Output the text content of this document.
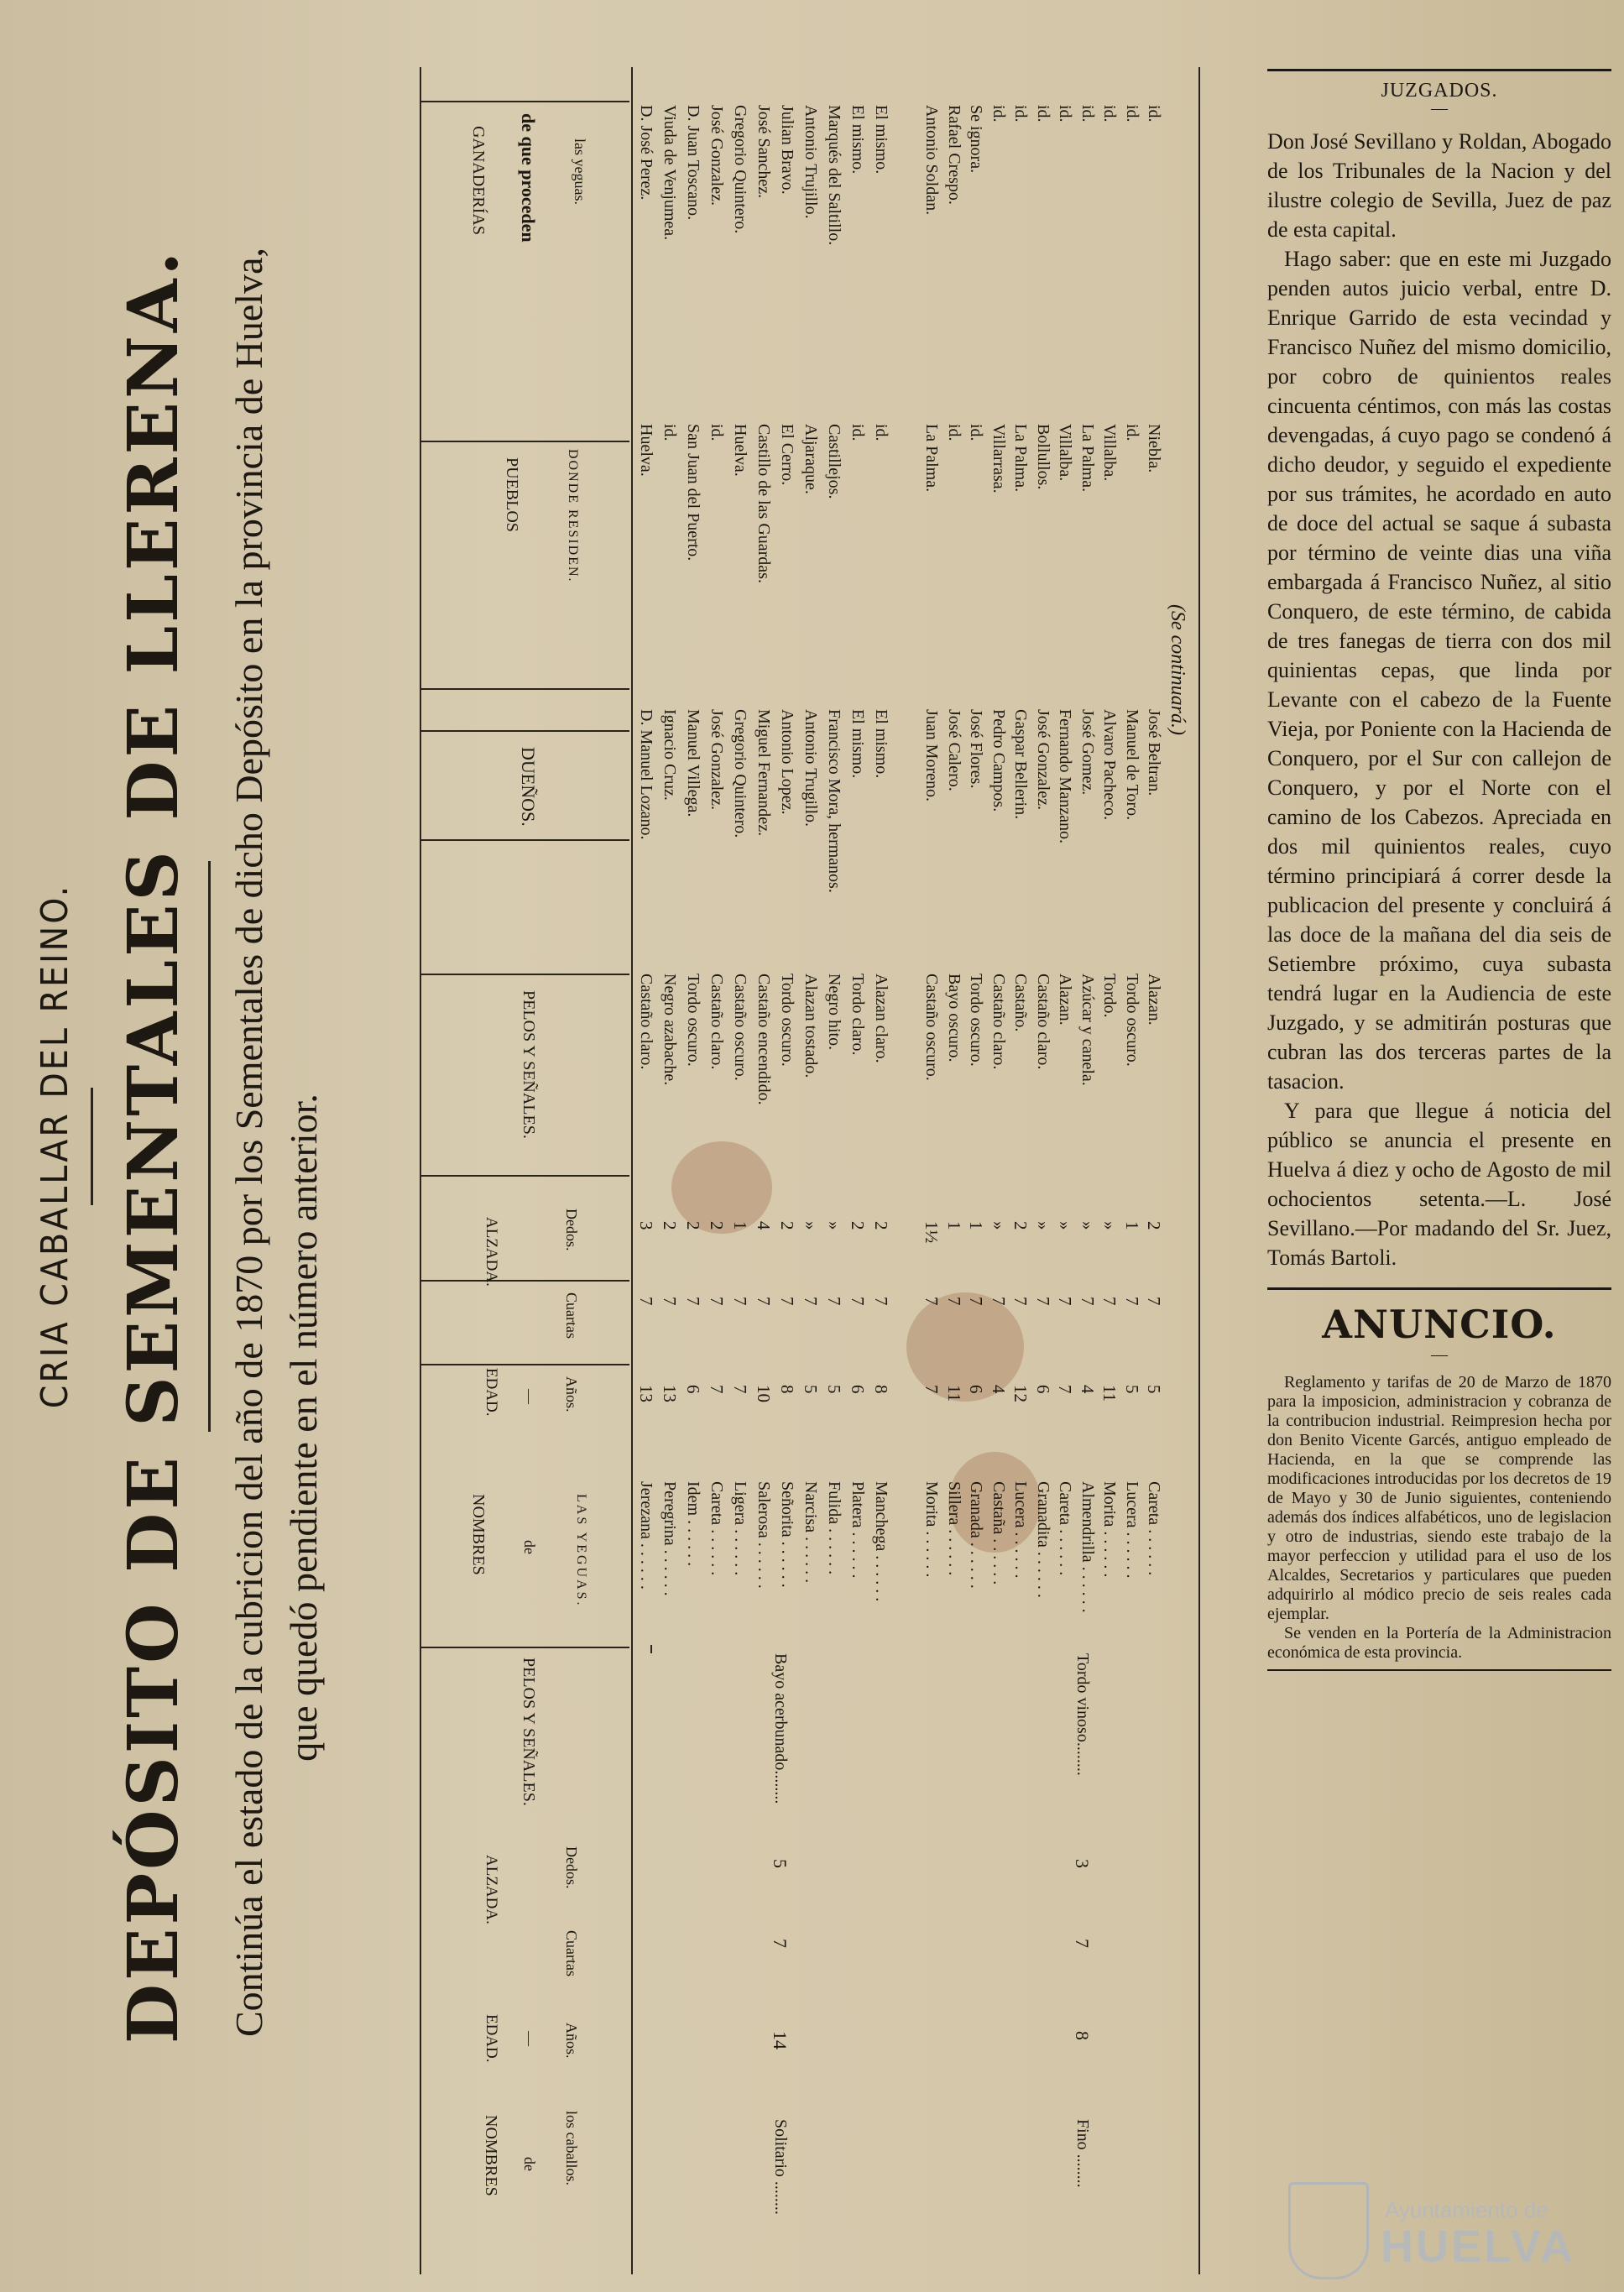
CRIA CABALLAR DEL REINO. DEPÓSITO DE SEMENTALES DE LLERENA. Continúa el estado de la cubricion del año de 1870 por los Sementales de dicho Depósito en la provincia de Huelva, que quedó pendiente en el número anterior.
NOMBRES de los caballos.
EDAD. — Años.
ALZADA.
Cuartas
Dedos.
PELOS Y SEÑALES.
NOMBRES de	LAS YEGUAS.
EDAD. — Años.
ALZADA.
Cuartas
Dedos.
PELOS Y SEÑALES.
DUEÑOS.
PUEBLOS	DONDE RESIDEN.
GANADERÍAS de que proceden las yeguas.
Solitario ........
14
7
5
Bayo acerbunado........
Fino ........
8
7
3
Tordo vinoso........
Jerezana . . . . . .
13
7
3
Castaño claro.
D. Manuel Lozano.
Huelva.
D. José Perez.
Peregrina . . . . . .
13
7
2
Negro azabache.
Ignacio Cruz.
id.
Viuda de Venjumea.
Idem . . . . . .
6
7
2
Tordo oscuro.
Manuel Villega.
San Juan del Puerto.
D. Juan Toscano.
Careta . . . . . .
7
7
2
Castaño claro.
José Gonzalez.
id.
José Gonzalez.
Ligera . . . . . .
7
7
1
Castaño oscuro.
Gregorio Quintero.
Huelva.
Gregorio Quintero.
Salerosa . . . . . .
10
7
4
Castaño encendido.
Miguel Fernandez.
Castillo de las Guardas.
José Sanchez.
Señorita . . . . . .
8
7
2
Tordo oscuro.
Antonio Lopez.
El Cerro.
Julian Bravo.
Narcisa . . . . . .
5
7
»
Alazan tostado.
Antonio Trugillo.
Aljaraque.
Antonio Trujillo.
Fulida . . . . . .
5
7
»
Negro hito.
Francisco Mora, hermanos.
Castillejos.
Marqués del Saltillo.
Platera . . . . . .
6
7
2
Tordo claro.
El mismo.
id.
El mismo.
Manchega . . . . . .
8
7
2
Alazan claro.
El mismo.
id.
El mismo.
Morita . . . . . .
7
7
1½
Castaño oscuro.
Juan Moreno.
La Palma.
Antonio Soldan.
Sillera . . . . . .
11
7
1
Bayo oscuro.
José Calero.
id.
Rafael Crespo.
Granada . . . . . .
6
7
1
Tordo oscuro.
José Flores.
id.
Se ignora.
Castaña . . . . . .
4
7
»
Castaño claro.
Pedro Campos.
Villarrasa.
id.
Lucera . . . . . .
12
7
2
Castaño.
Gaspar Bellerin.
La Palma.
id.
Granadita . . . . . .
6
7
»
Castaño claro.
José Gonzalez.
Bollullos.
id.
Careta . . . . . .
7
7
»
Alazan.
Fernando Manzano.
Villalba.
id.
Almendrilla . . . . . .
4
7
»
Azúcar y canela.
José Gomez.
La Palma.
id.
Morita . . . . . .
11
7
»
Tordo.
Alvaro Pacheco.
Villalba.
id.
Lucera . . . . . .
5
7
1
Tordo oscuro.
Manuel de Toro.
id.
id.
Careta . . . . . .
5
7
2
Alazan.
José Beltran.
Niebla.
id.
(Se continuará.)
JUZGADOS.
—

Don José Sevillano y Roldan, Abogado de los Tribunales de la Nacion y del ilustre colegio de Sevilla, Juez de paz de esta capital.

Hago saber: que en este mi Juzgado penden autos juicio verbal, entre D. Enrique Garrido de esta vecindad y Francisco Nuñez del mismo domicilio, por cobro de quinientos reales cincuenta céntimos, con más las costas devengadas, á cuyo pago se condenó á dicho deudor, y seguido el expediente por sus trámites, he acordado en auto de doce del actual se saque á subasta por término de veinte dias una viña embargada á Francisco Nuñez, al sitio Conquero, de este término, de cabida de tres fanegas de tierra con dos mil quinientas cepas, que linda por Levante con el cabezo de la Fuente Vieja, por Poniente con la Hacienda de Conquero, por el Sur con callejon de Conquero, y por el Norte con el camino de los Cabezos. Apreciada en dos mil quinientos reales, cuyo término principiará á correr desde la publicacion del presente y concluirá á las doce de la mañana del dia seis de Setiembre próximo, cuya subasta tendrá lugar en la Audiencia de este Juzgado, y se admitirán posturas que cubran las dos terceras partes de la tasacion.

Y para que llegue á noticia del público se anuncia el presente en Huelva á diez y ocho de Agosto de mil ochocientos setenta.—L. José Sevillano.—Por madando del Sr. Juez, Tomás Bartoli.

ANUNCIO.
—

Reglamento y tarifas de 20 de Marzo de 1870 para la imposicion, administracion y cobranza de la contribucion industrial. Reimpresion hecha por don Benito Vicente Garcés, antiguo empleado de Hacienda, en la que se comprende las modificaciones introducidas por los decretos de 19 de Mayo y 30 de Junio siguientes, conteniendo además dos índices alfabéticos, uno de legislacion y otro de industrias, siendo este trabajo de la mayor perfeccion y utilidad para el uso de los Alcaldes, Secretarios y particulares que pueden adquirirlo al módico precio de seis reales cada ejemplar.

Se venden en la Portería de la Administracion económica de esta provincia.

Ayuntamiento de
HUELVA
